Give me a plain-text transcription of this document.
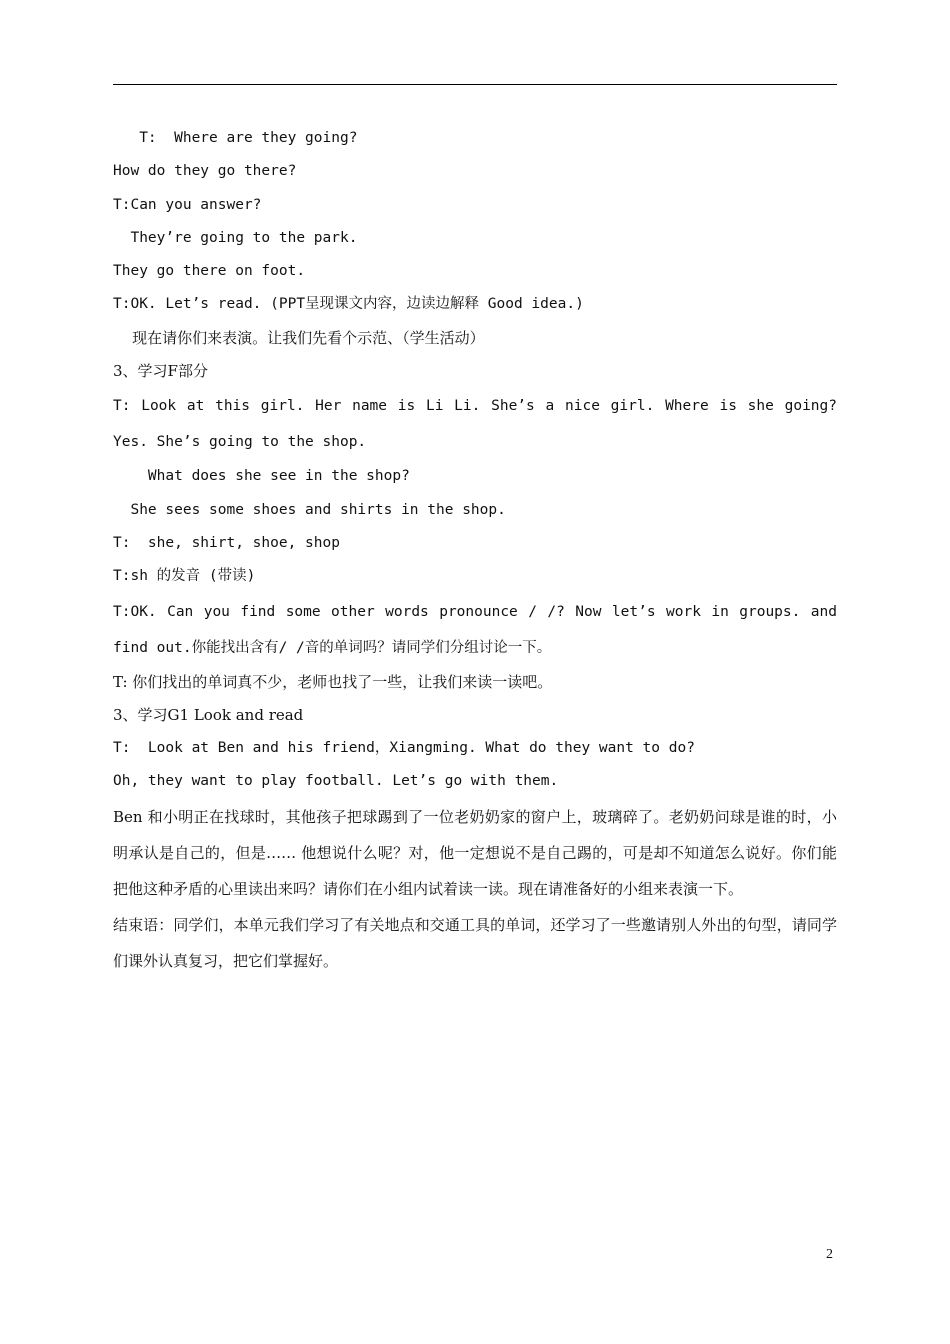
T:  Where are they going?
How do they go there?
T:Can you answer?
They’re going to the park.
They go there on foot.
T:OK. Let’s read. (PPT呈现课文内容，边读边解释 Good idea.)
现在请你们来表演。让我们先看个示范、（学生活动）
3、学习F部分
T: Look at this girl. Her name is Li Li. She’s a nice girl. Where is she going? Yes. She’s going to the shop.
What does she see in the shop?
She sees some shoes and shirts in the shop.
T:  she, shirt, shoe, shop
T:sh 的发音 (带读)
T:OK. Can you find some other words pronounce / /? Now let’s work in groups. and find out.你能找出含有/ /音的单词吗？请同学们分组讨论一下。
T: 你们找出的单词真不少，老师也找了一些，让我们来读一读吧。
3、学习G1 Look and read
T:  Look at Ben and his friend，Xiangming. What do they want to do?
Oh, they want to play football. Let’s go with them.
Ben 和小明正在找球时，其他孩子把球踢到了一位老奶奶家的窗户上，玻璃碎了。老奶奶问球是谁的时，小明承认是自己的，但是…… 他想说什么呢？对，他一定想说不是自己踢的，可是却不知道怎么说好。你们能把他这种矛盾的心里读出来吗？请你们在小组内试着读一读。现在请准备好的小组来表演一下。
结束语：同学们，本单元我们学习了有关地点和交通工具的单词，还学习了一些邀请别人外出的句型，请同学们课外认真复习，把它们掌握好。
2
